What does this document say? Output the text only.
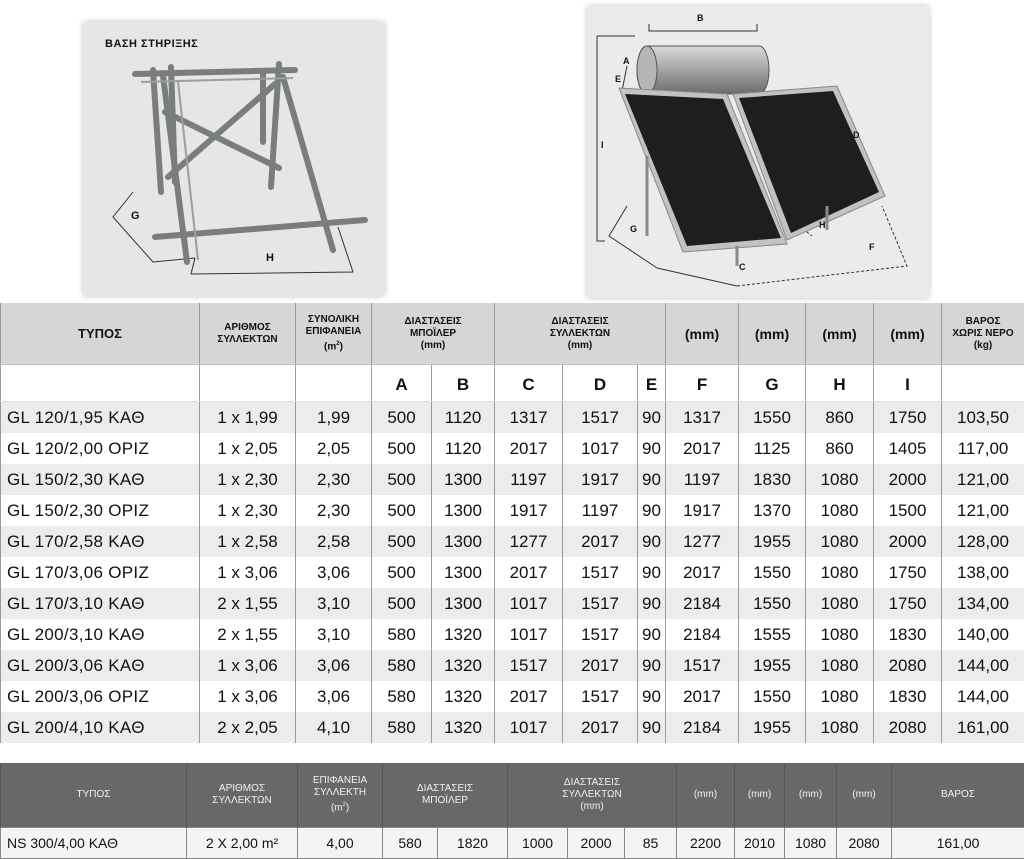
ΒΑΣΗ ΣΤΗΡΙΞΗΣ
G
H
A
B
E
I
D
G	H
C
F
ΤΥΠΟΣ	ΑΡΙΘΜΟΣ
ΣΥΛΛΕΚΤΩΝ	ΣΥΝΟΛΙΚΗ
ΕΠΙΦΑΝΕΙΑ
$(m^2)$	ΔΙΑΣΤΑΣΕΙΣ
ΜΠΟΪΛΕΡ
(mm)		ΔΙΑΣΤΑΣΕΙΣ
ΣΥΛΛΕΚΤΩΝ
(mm)			(mm)	(mm)	(mm)	(mm)	ΒΑΡΟΣ
ΧΩΡΙΣ ΝΕΡΟ
(kg)
			A	B	C	D	E	F	G	H	I	
GL 120/1,95 ΚΑΘ	1 x 1,99	1,99	500	1120	1317	1517	90	1317	1550	860	1750	103,50
GL 120/2,00 ΟΡΙΖ	1 x 2,05	2,05	500	1120	2017	1017	90	2017	1125	860	1405	117,00
GL 150/2,30 ΚΑΘ	1 x 2,30	2,30	500	1300	1197	1917	90	1197	1830	1080	2000	121,00
GL 150/2,30 ΟΡΙΖ	1 x 2,30	2,30	500	1300	1917	1197	90	1917	1370	1080	1500	121,00
GL 170/2,58 ΚΑΘ	1 x 2,58	2,58	500	1300	1277	2017	90	1277	1955	1080	2000	128,00
GL 170/3,06 ΟΡΙΖ	1 x 3,06	3,06	500	1300	2017	1517	90	2017	1550	1080	1750	138,00
GL 170/3,10 ΚΑΘ	2 x 1,55	3,10	500	1300	1017	1517	90	2184	1550	1080	1750	134,00
GL 200/3,10 ΚΑΘ	2 x 1,55	3,10	580	1320	1017	1517	90	2184	1555	1080	1830	140,00
GL 200/3,06 ΚΑΘ	1 x 3,06	3,06	580	1320	1517	2017	90	1517	1955	1080	2080	144,00
GL 200/3,06 ΟΡΙΖ	1 x 3,06	3,06	580	1320	2017	1517	90	2017	1550	1080	1830	144,00
GL 200/4,10 ΚΑΘ	2 x 2,05	4,10	580	1320	1017	2017	90	2184	1955	1080	2080	161,00
ΤΥΠΟΣ	ΑΡΙΘΜΟΣ
ΣΥΛΛΕΚΤΩΝ	ΕΠΙΦΑΝΕΙΑ
ΣΥΛΛΕΚΤΗ
$(m^2)$	ΔΙΑΣΤΑΣΕΙΣ
ΜΠΟΪΛΕΡ		ΔΙΑΣΤΑΣΕΙΣ
ΣΥΛΛΕΚΤΩΝ
(mm)			(mm)	(mm)	(mm)	(mm)	ΒΑΡΟΣ
NS 300/4,00 ΚΑΘ	2 X 2,00 m²	4,00	580	1820	1000	2000	85	2200	2010	1080	2080	161,00
